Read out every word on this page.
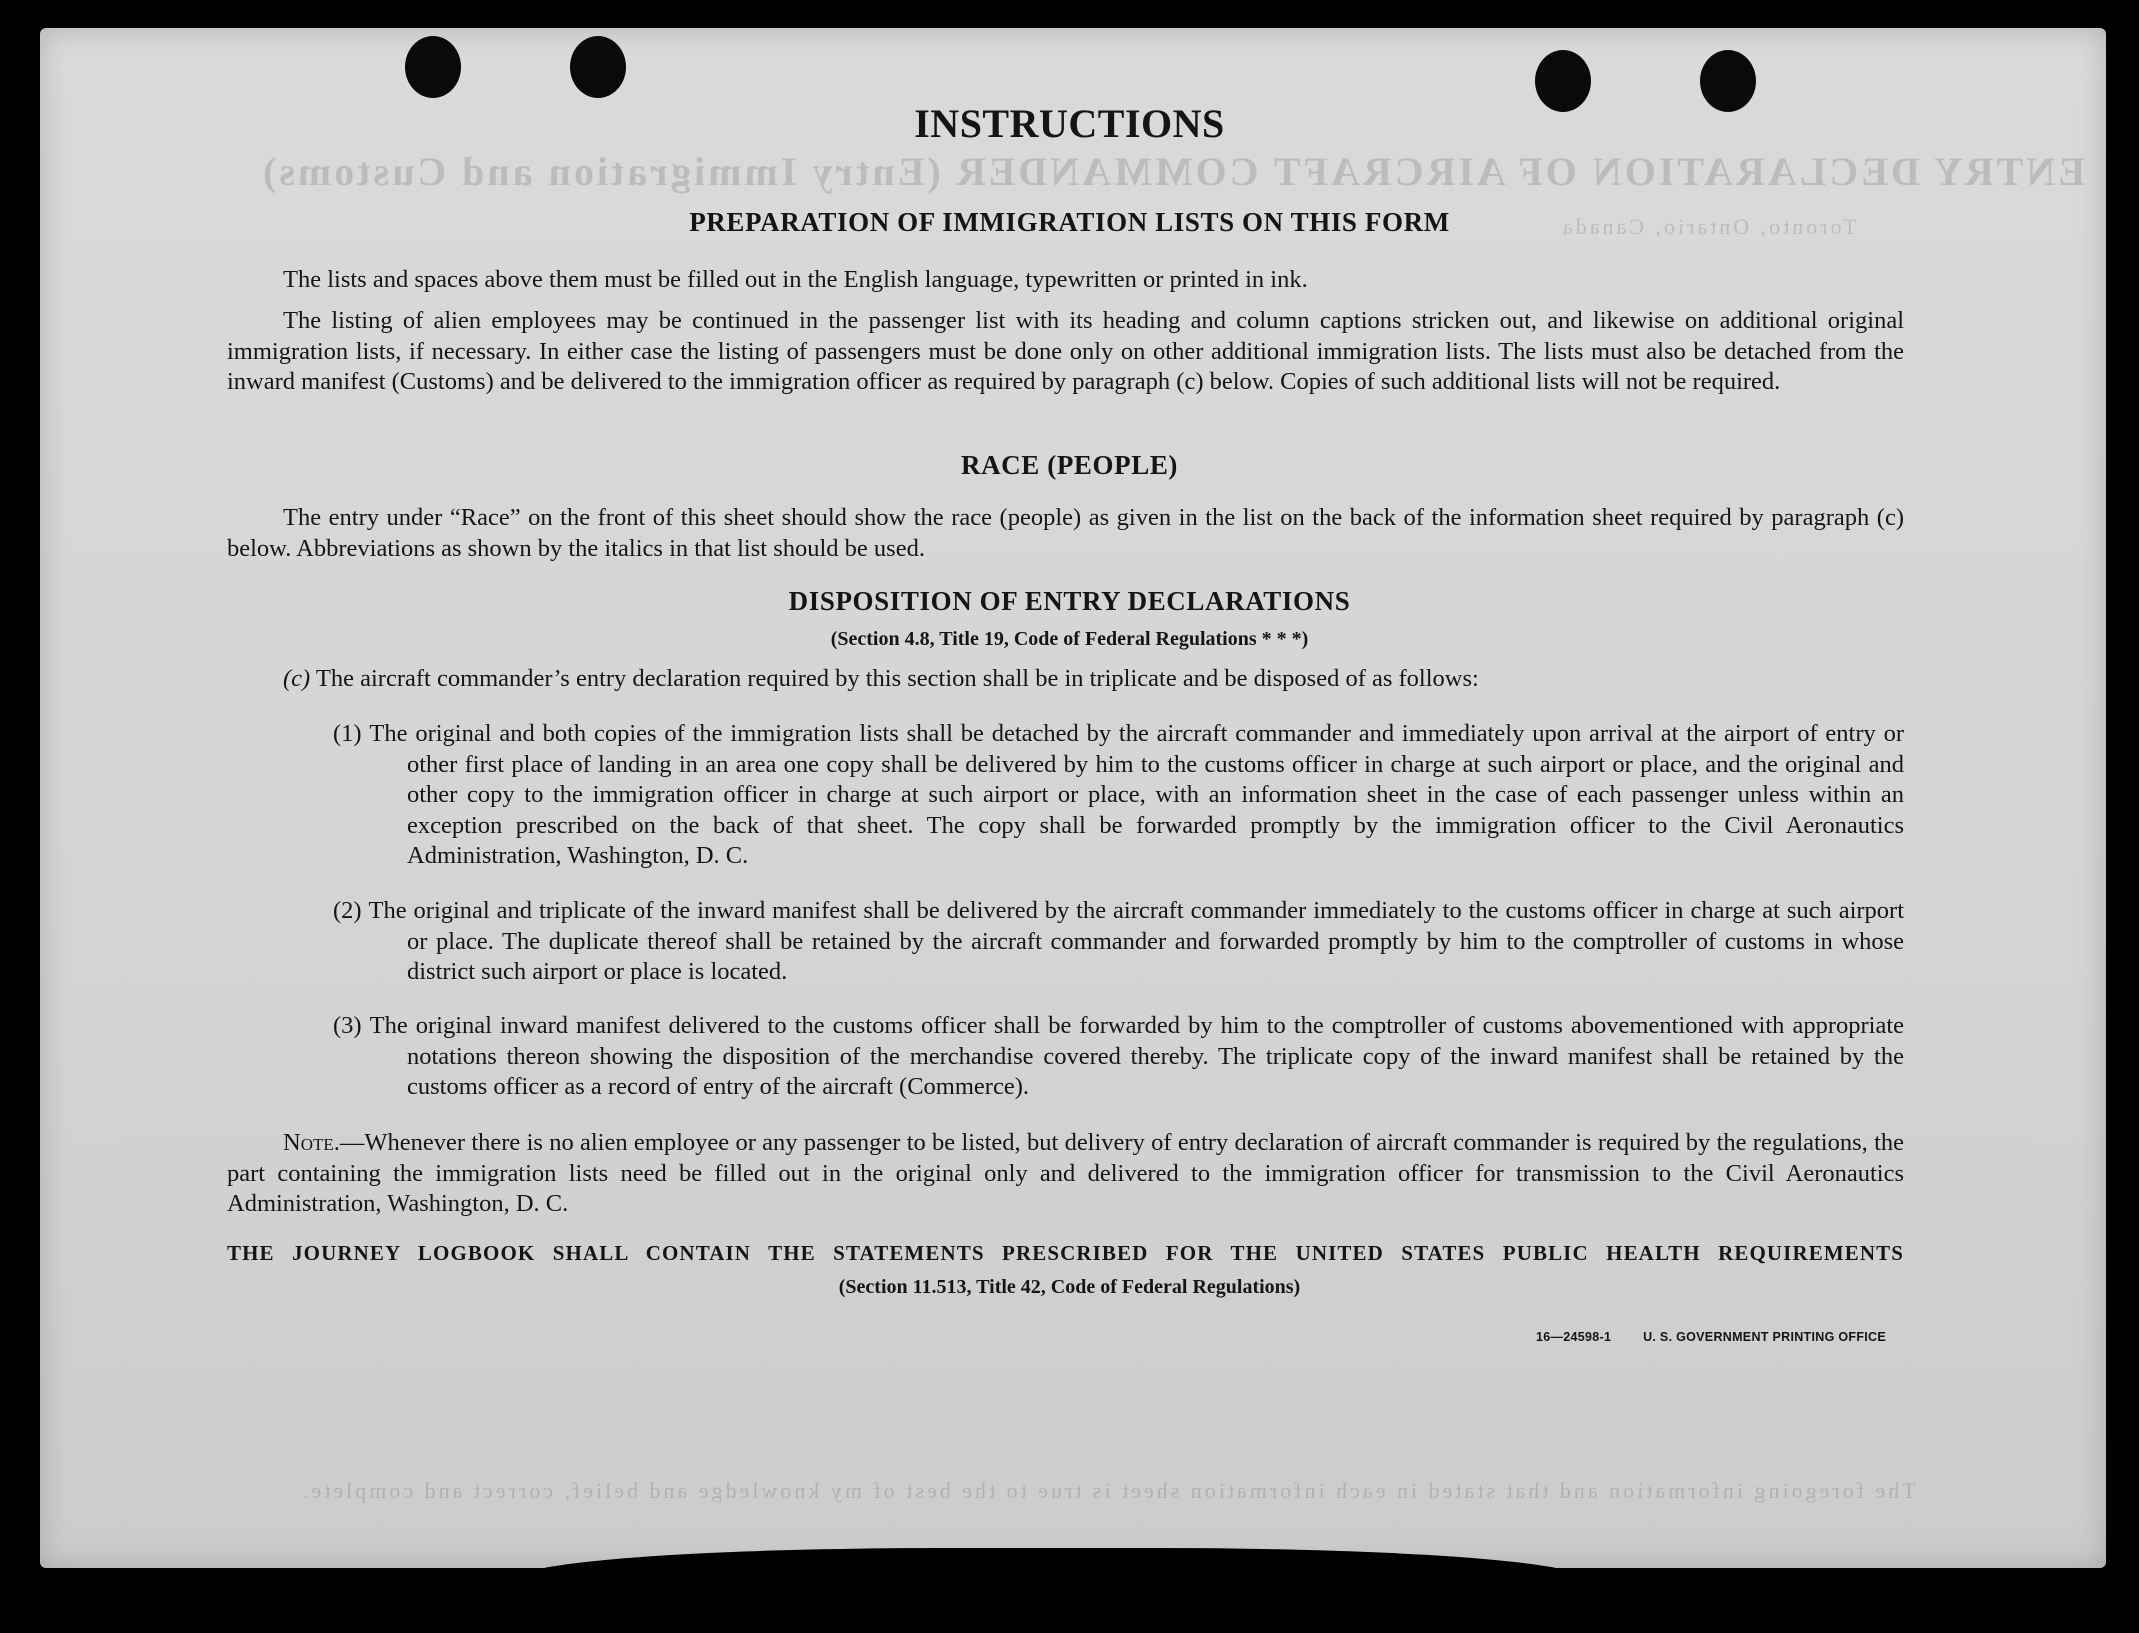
ENTRY DECLARATION OF AIRCRAFT COMMANDER (Entry Immigration and Customs)
Toronto, Ontario, Canada
The foregoing information and that stated in each information sheet is true to the best of my knowledge and belief, correct and complete.
INSTRUCTIONS
PREPARATION OF IMMIGRATION LISTS ON THIS FORM
The lists and spaces above them must be filled out in the English language, typewritten or printed in ink.
The listing of alien employees may be continued in the passenger list with its heading and column captions stricken out, and likewise on additional original immigration lists, if necessary. In either case the listing of passengers must be done only on other additional immigration lists. The lists must also be detached from the inward manifest (Customs) and be delivered to the immigration officer as required by paragraph (c) below. Copies of such additional lists will not be required.
RACE (PEOPLE)
The entry under “Race” on the front of this sheet should show the race (people) as given in the list on the back of the information sheet required by paragraph (c) below. Abbreviations as shown by the italics in that list should be used.
DISPOSITION OF ENTRY DECLARATIONS
(Section 4.8, Title 19, Code of Federal Regulations * * *)
(c) The aircraft commander’s entry declaration required by this section shall be in triplicate and be disposed of as follows:
(1) The original and both copies of the immigration lists shall be detached by the aircraft commander and immediately upon arrival at the airport of entry or other first place of landing in an area one copy shall be delivered by him to the customs officer in charge at such airport or place, and the original and other copy to the immigration officer in charge at such airport or place, with an information sheet in the case of each passenger unless within an exception prescribed on the back of that sheet. The copy shall be forwarded promptly by the immigration officer to the Civil Aeronautics Administration, Washington, D. C.
(2) The original and triplicate of the inward manifest shall be delivered by the aircraft commander immediately to the customs officer in charge at such airport or place. The duplicate thereof shall be retained by the aircraft commander and forwarded promptly by him to the comptroller of customs in whose district such airport or place is located.
(3) The original inward manifest delivered to the customs officer shall be forwarded by him to the comptroller of customs abovementioned with appropriate notations thereon showing the disposition of the merchandise covered thereby. The triplicate copy of the inward manifest shall be retained by the customs officer as a record of entry of the aircraft (Commerce).
Note.—Whenever there is no alien employee or any passenger to be listed, but delivery of entry declaration of aircraft commander is required by the regulations, the part containing the immigration lists need be filled out in the original only and delivered to the immigration officer for transmission to the Civil Aeronautics Administration, Washington, D. C.
THE JOURNEY LOGBOOK SHALL CONTAIN THE STATEMENTS PRESCRIBED FOR THE UNITED STATES PUBLIC HEALTH REQUIREMENTS
(Section 11.513, Title 42, Code of Federal Regulations)
16—24598-1	U. S. GOVERNMENT PRINTING OFFICE
